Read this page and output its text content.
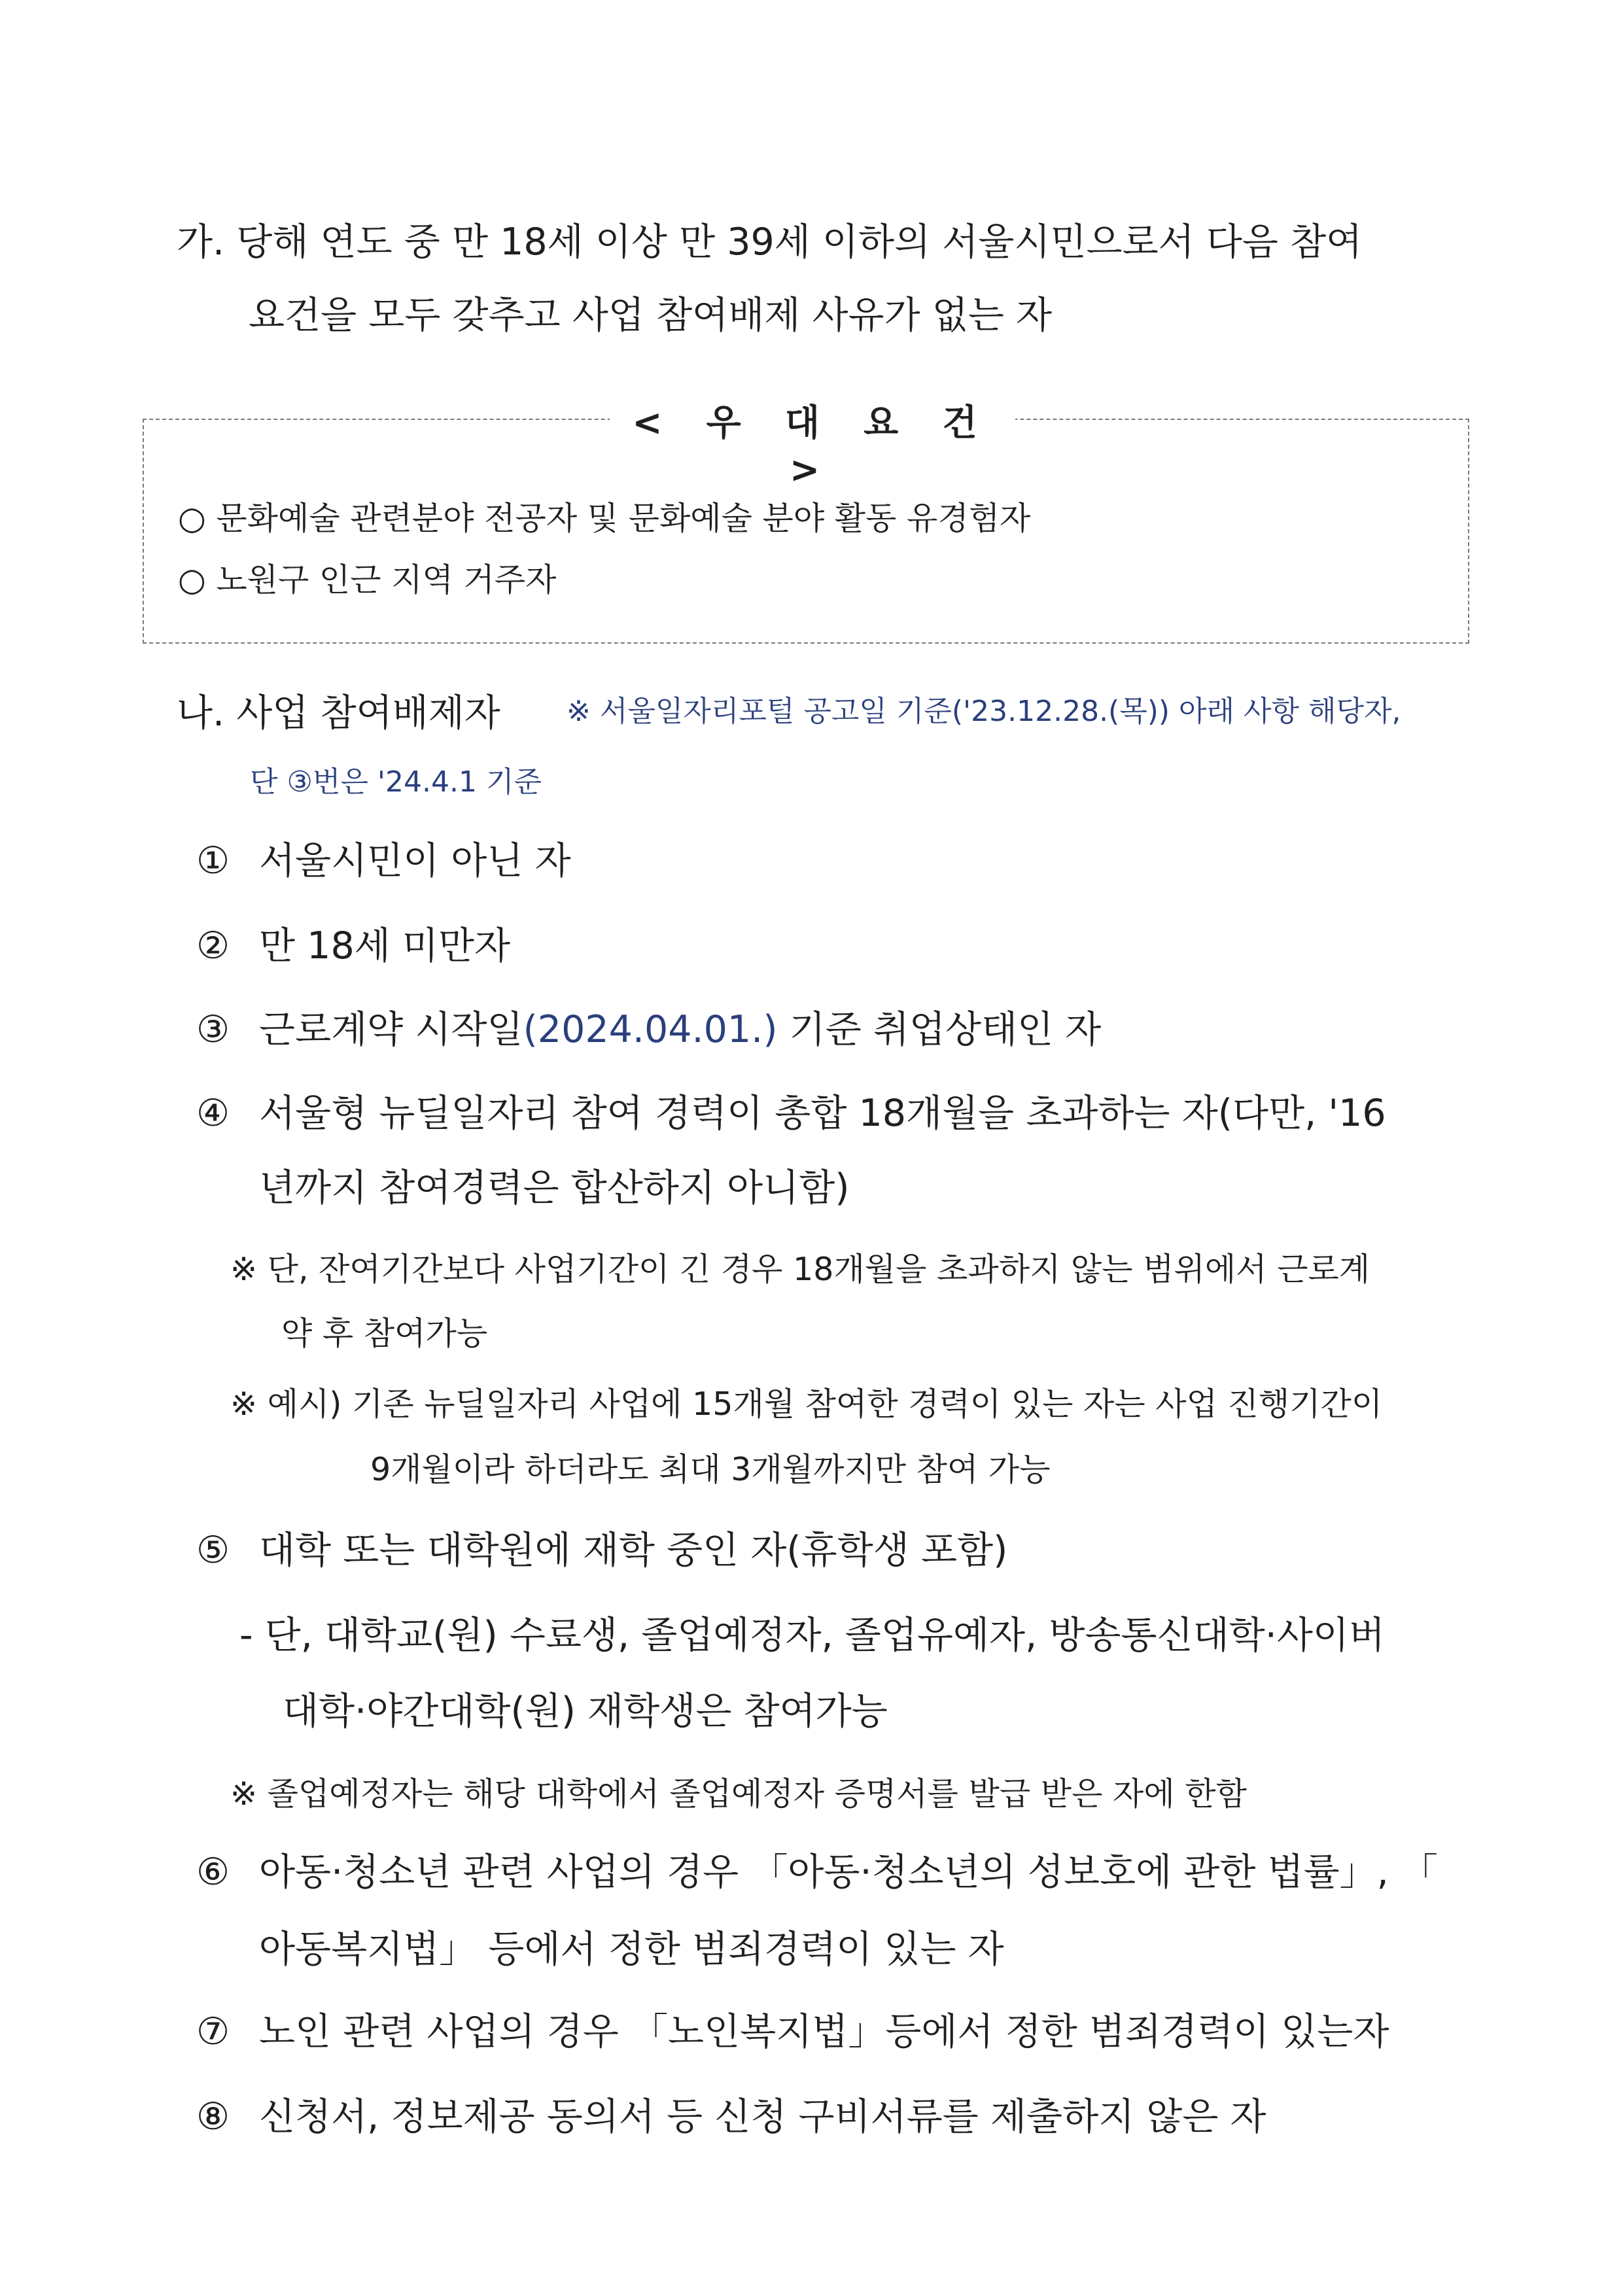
가. 당해 연도 중 만 18세 이상 만 39세 이하의 서울시민으로서 다음 참여
요건을 모두 갖추고 사업 참여배제 사유가 없는 자
< 우 대 요 건 >
○ 문화예술 관련분야 전공자 및 문화예술 분야 활동 유경험자
○ 노원구 인근 지역 거주자
나. 사업 참여배제자 ※ 서울일자리포털 공고일 기준('23.12.28.(목)) 아래 사항 해당자,
단 ③번은 '24.4.1 기준
① 서울시민이 아닌 자
② 만 18세 미만자
③ 근로계약 시작일(2024.04.01.) 기준 취업상태인 자
④ 서울형 뉴딜일자리 참여 경력이 총합 18개월을 초과하는 자(다만, '16
년까지 참여경력은 합산하지 아니함)
※ 단, 잔여기간보다 사업기간이 긴 경우 18개월을 초과하지 않는 범위에서 근로계
약 후 참여가능
※ 예시) 기존 뉴딜일자리 사업에 15개월 참여한 경력이 있는 자는 사업 진행기간이
9개월이라 하더라도 최대 3개월까지만 참여 가능
⑤ 대학 또는 대학원에 재학 중인 자(휴학생 포함)
- 단, 대학교(원) 수료생, 졸업예정자, 졸업유예자, 방송통신대학·사이버
대학·야간대학(원) 재학생은 참여가능
※ 졸업예정자는 해당 대학에서 졸업예정자 증명서를 발급 받은 자에 한함
⑥ 아동·청소년 관련 사업의 경우 「아동·청소년의 성보호에 관한 법률」, 「
아동복지법」 등에서 정한 범죄경력이 있는 자
⑦ 노인 관련 사업의 경우 「노인복지법」등에서 정한 범죄경력이 있는자
⑧ 신청서, 정보제공 동의서 등 신청 구비서류를 제출하지 않은 자
